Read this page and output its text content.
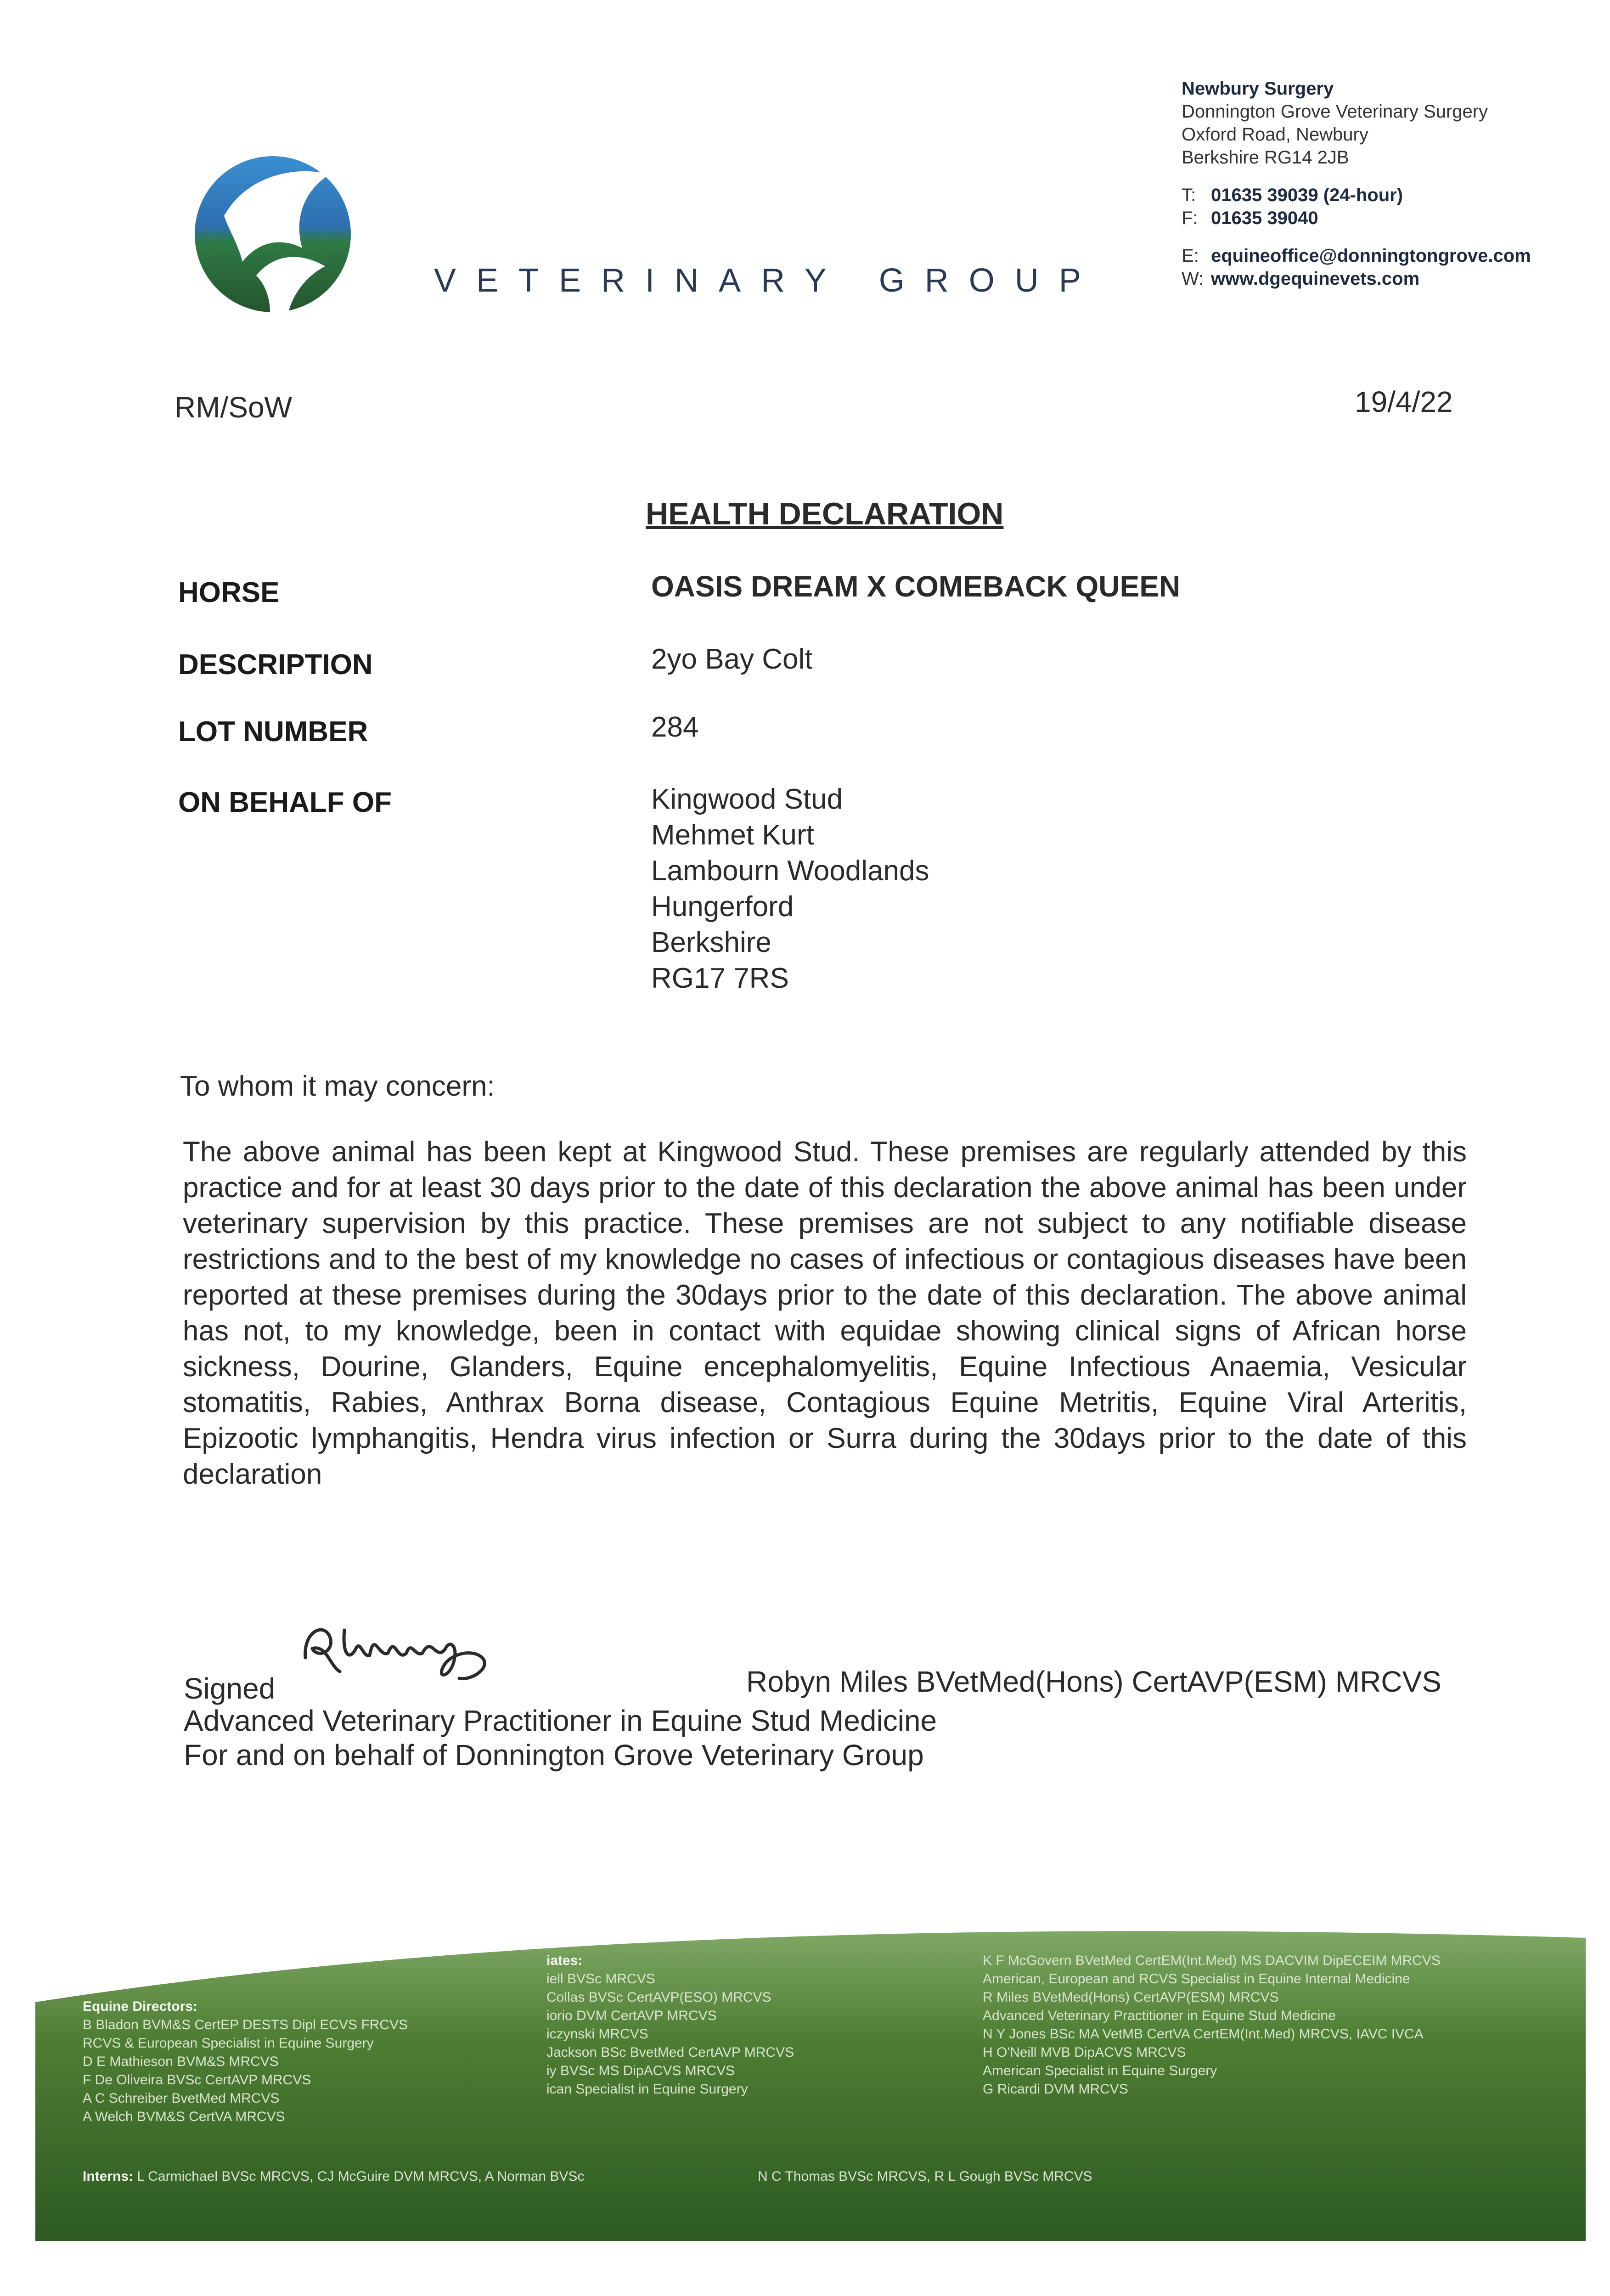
VETERINARY GROUP
Newbury Surgery
Donnington Grove Veterinary Surgery
Oxford Road, Newbury
Berkshire RG14 2JB
T: 01635 39039 (24-hour)
F: 01635 39040
E: equineoffice@donningtongrove.com
W: www.dgequinevets.com
RM/SoW	19/4/22
HEALTH DECLARATION
HORSE	OASIS DREAM X COMEBACK QUEEN
DESCRIPTION	2yo Bay Colt
LOT NUMBER	284
ON BEHALF OF	Kingwood Stud
Mehmet Kurt
Lambourn Woodlands
Hungerford
Berkshire
RG17 7RS
To whom it may concern:
The above animal has been kept at Kingwood Stud. These premises are regularly attended by this practice and for at least 30 days prior to the date of this declaration the above animal has been under veterinary supervision by this practice. These premises are not subject to any notifiable disease restrictions and to the best of my knowledge no cases of infectious or contagious diseases have been reported at these premises during the 30days prior to the date of this declaration. The above animal has not, to my knowledge, been in contact with equidae showing clinical signs of African horse sickness, Dourine, Glanders, Equine encephalomyelitis, Equine Infectious Anaemia, Vesicular stomatitis, Rabies, Anthrax Borna disease, Contagious Equine Metritis, Equine Viral Arteritis, Epizootic lymphangitis, Hendra virus infection or Surra during the 30days prior to the date of this declaration
Signed	Robyn Miles BVetMed(Hons) CertAVP(ESM) MRCVS
Advanced Veterinary Practitioner in Equine Stud Medicine
For and on behalf of Donnington Grove Veterinary Group
Equine Directors:
B Bladon BVM&S CertEP DESTS Dipl ECVS FRCVS
RCVS & European Specialist in Equine Surgery
D E Mathieson BVM&S MRCVS
F De Oliveira BVSc CertAVP MRCVS
A C Schreiber BvetMed MRCVS
A Welch BVM&S CertVA MRCVS
iates:
iell BVSc MRCVS
Collas BVSc CertAVP(ESO) MRCVS
iorio DVM CertAVP MRCVS
iczynski MRCVS
Jackson BSc BvetMed CertAVP MRCVS
iy BVSc MS DipACVS MRCVS
ican Specialist in Equine Surgery
K F McGovern BVetMed CertEM(Int.Med) MS DACVIM DipECEIM MRCVS
American, European and RCVS Specialist in Equine Internal Medicine
R Miles BVetMed(Hons) CertAVP(ESM) MRCVS
Advanced Veterinary Practitioner in Equine Stud Medicine
N Y Jones BSc MA VetMB CertVA CertEM(Int.Med) MRCVS, IAVC IVCA
H O'Neill MVB DipACVS MRCVS
American Specialist in Equine Surgery
G Ricardi DVM MRCVS
Interns: L Carmichael BVSc MRCVS, CJ McGuire DVM MRCVS, A Norman BVSc	N C Thomas BVSc MRCVS, R L Gough BVSc MRCVS
